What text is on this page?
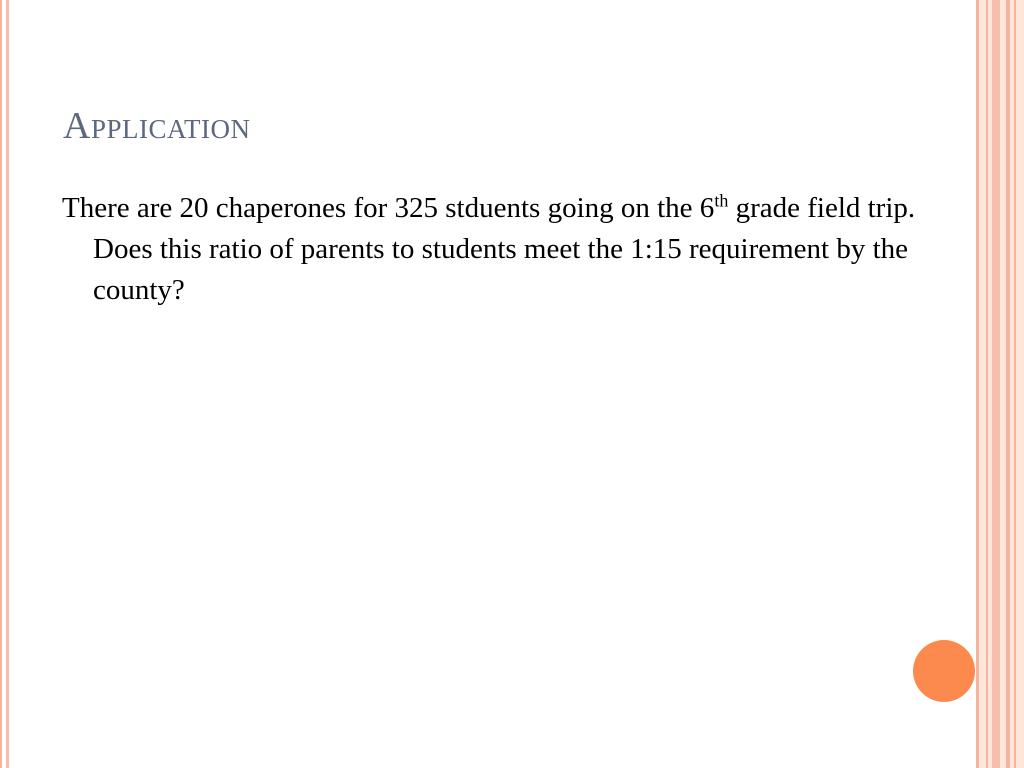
Application

There are 20 chaperones for 325 stduents going on the 6th grade field trip. Does this ratio of parents to students meet the 1:15 requirement by the county?
